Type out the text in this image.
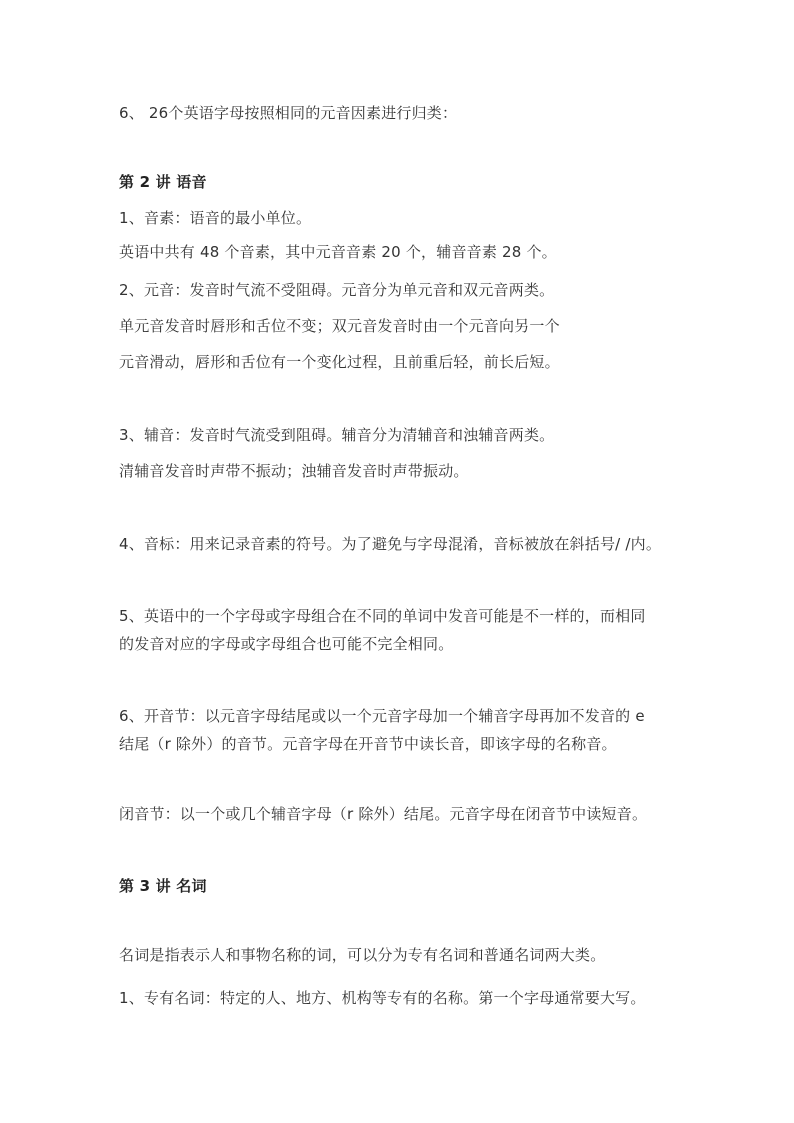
6、 26个英语字母按照相同的元音因素进行归类：
第 2 讲 语音
1、音素：语音的最小单位。
英语中共有 48 个音素，其中元音音素 20 个，辅音音素 28 个。
2、元音：发音时气流不受阻碍。元音分为单元音和双元音两类。
单元音发音时唇形和舌位不变；双元音发音时由一个元音向另一个
元音滑动，唇形和舌位有一个变化过程，且前重后轻，前长后短。
3、辅音：发音时气流受到阻碍。辅音分为清辅音和浊辅音两类。
清辅音发音时声带不振动；浊辅音发音时声带振动。
4、音标：用来记录音素的符号。为了避免与字母混淆，音标被放在斜括号/ /内。
5、英语中的一个字母或字母组合在不同的单词中发音可能是不一样的，而相同
的发音对应的字母或字母组合也可能不完全相同。
6、开音节：以元音字母结尾或以一个元音字母加一个辅音字母再加不发音的 e
结尾（r 除外）的音节。元音字母在开音节中读长音，即该字母的名称音。
闭音节：以一个或几个辅音字母（r 除外）结尾。元音字母在闭音节中读短音。
第 3 讲 名词
名词是指表示人和事物名称的词，可以分为专有名词和普通名词两大类。
1、专有名词：特定的人、地方、机构等专有的名称。第一个字母通常要大写。
